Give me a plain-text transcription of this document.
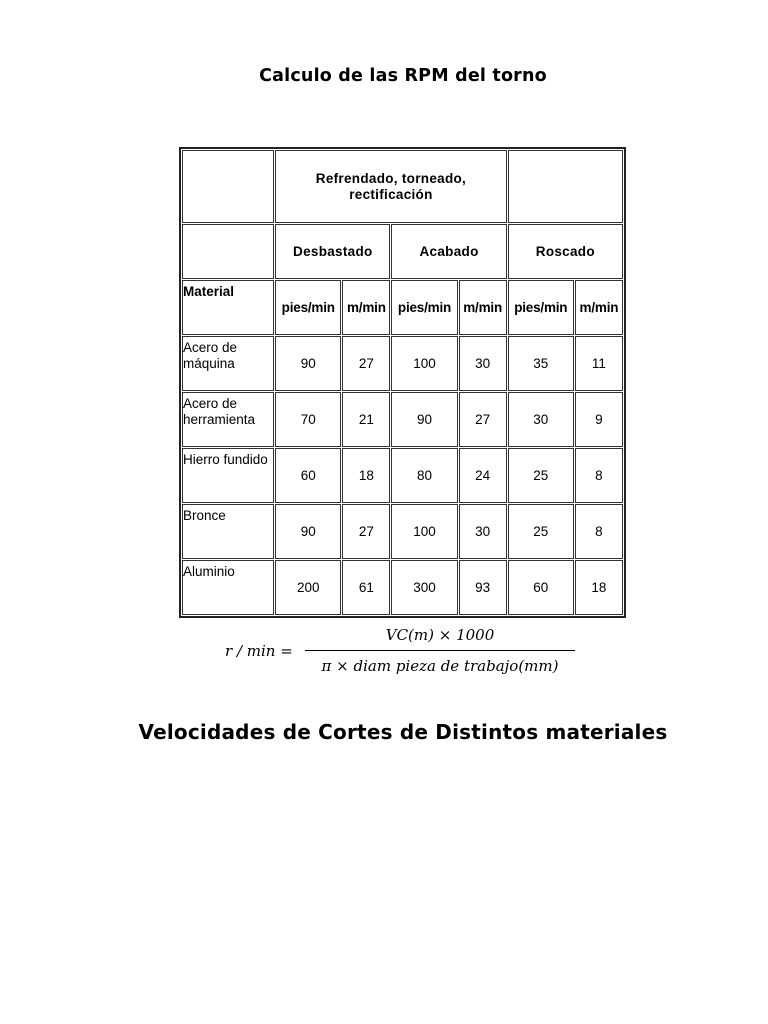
Calculo de las RPM del torno
	Refrendado, torneado, rectificación					
	Desbastado		Acabado		Roscado	
Material	pies/min	m/min	pies/min	m/min	pies/min	m/min
Acero de máquina	90	27	100	30	35	11
Acero de herramienta	70	21	90	27	30	9
Hierro fundido	60	18	80	24	25	8
Bronce	90	27	100	30	25	8
Aluminio	200	61	300	93	60	18
r / min =
VC(m) × 1000
π × diam pieza de trabajo(mm)
Velocidades de Cortes de Distintos materiales
